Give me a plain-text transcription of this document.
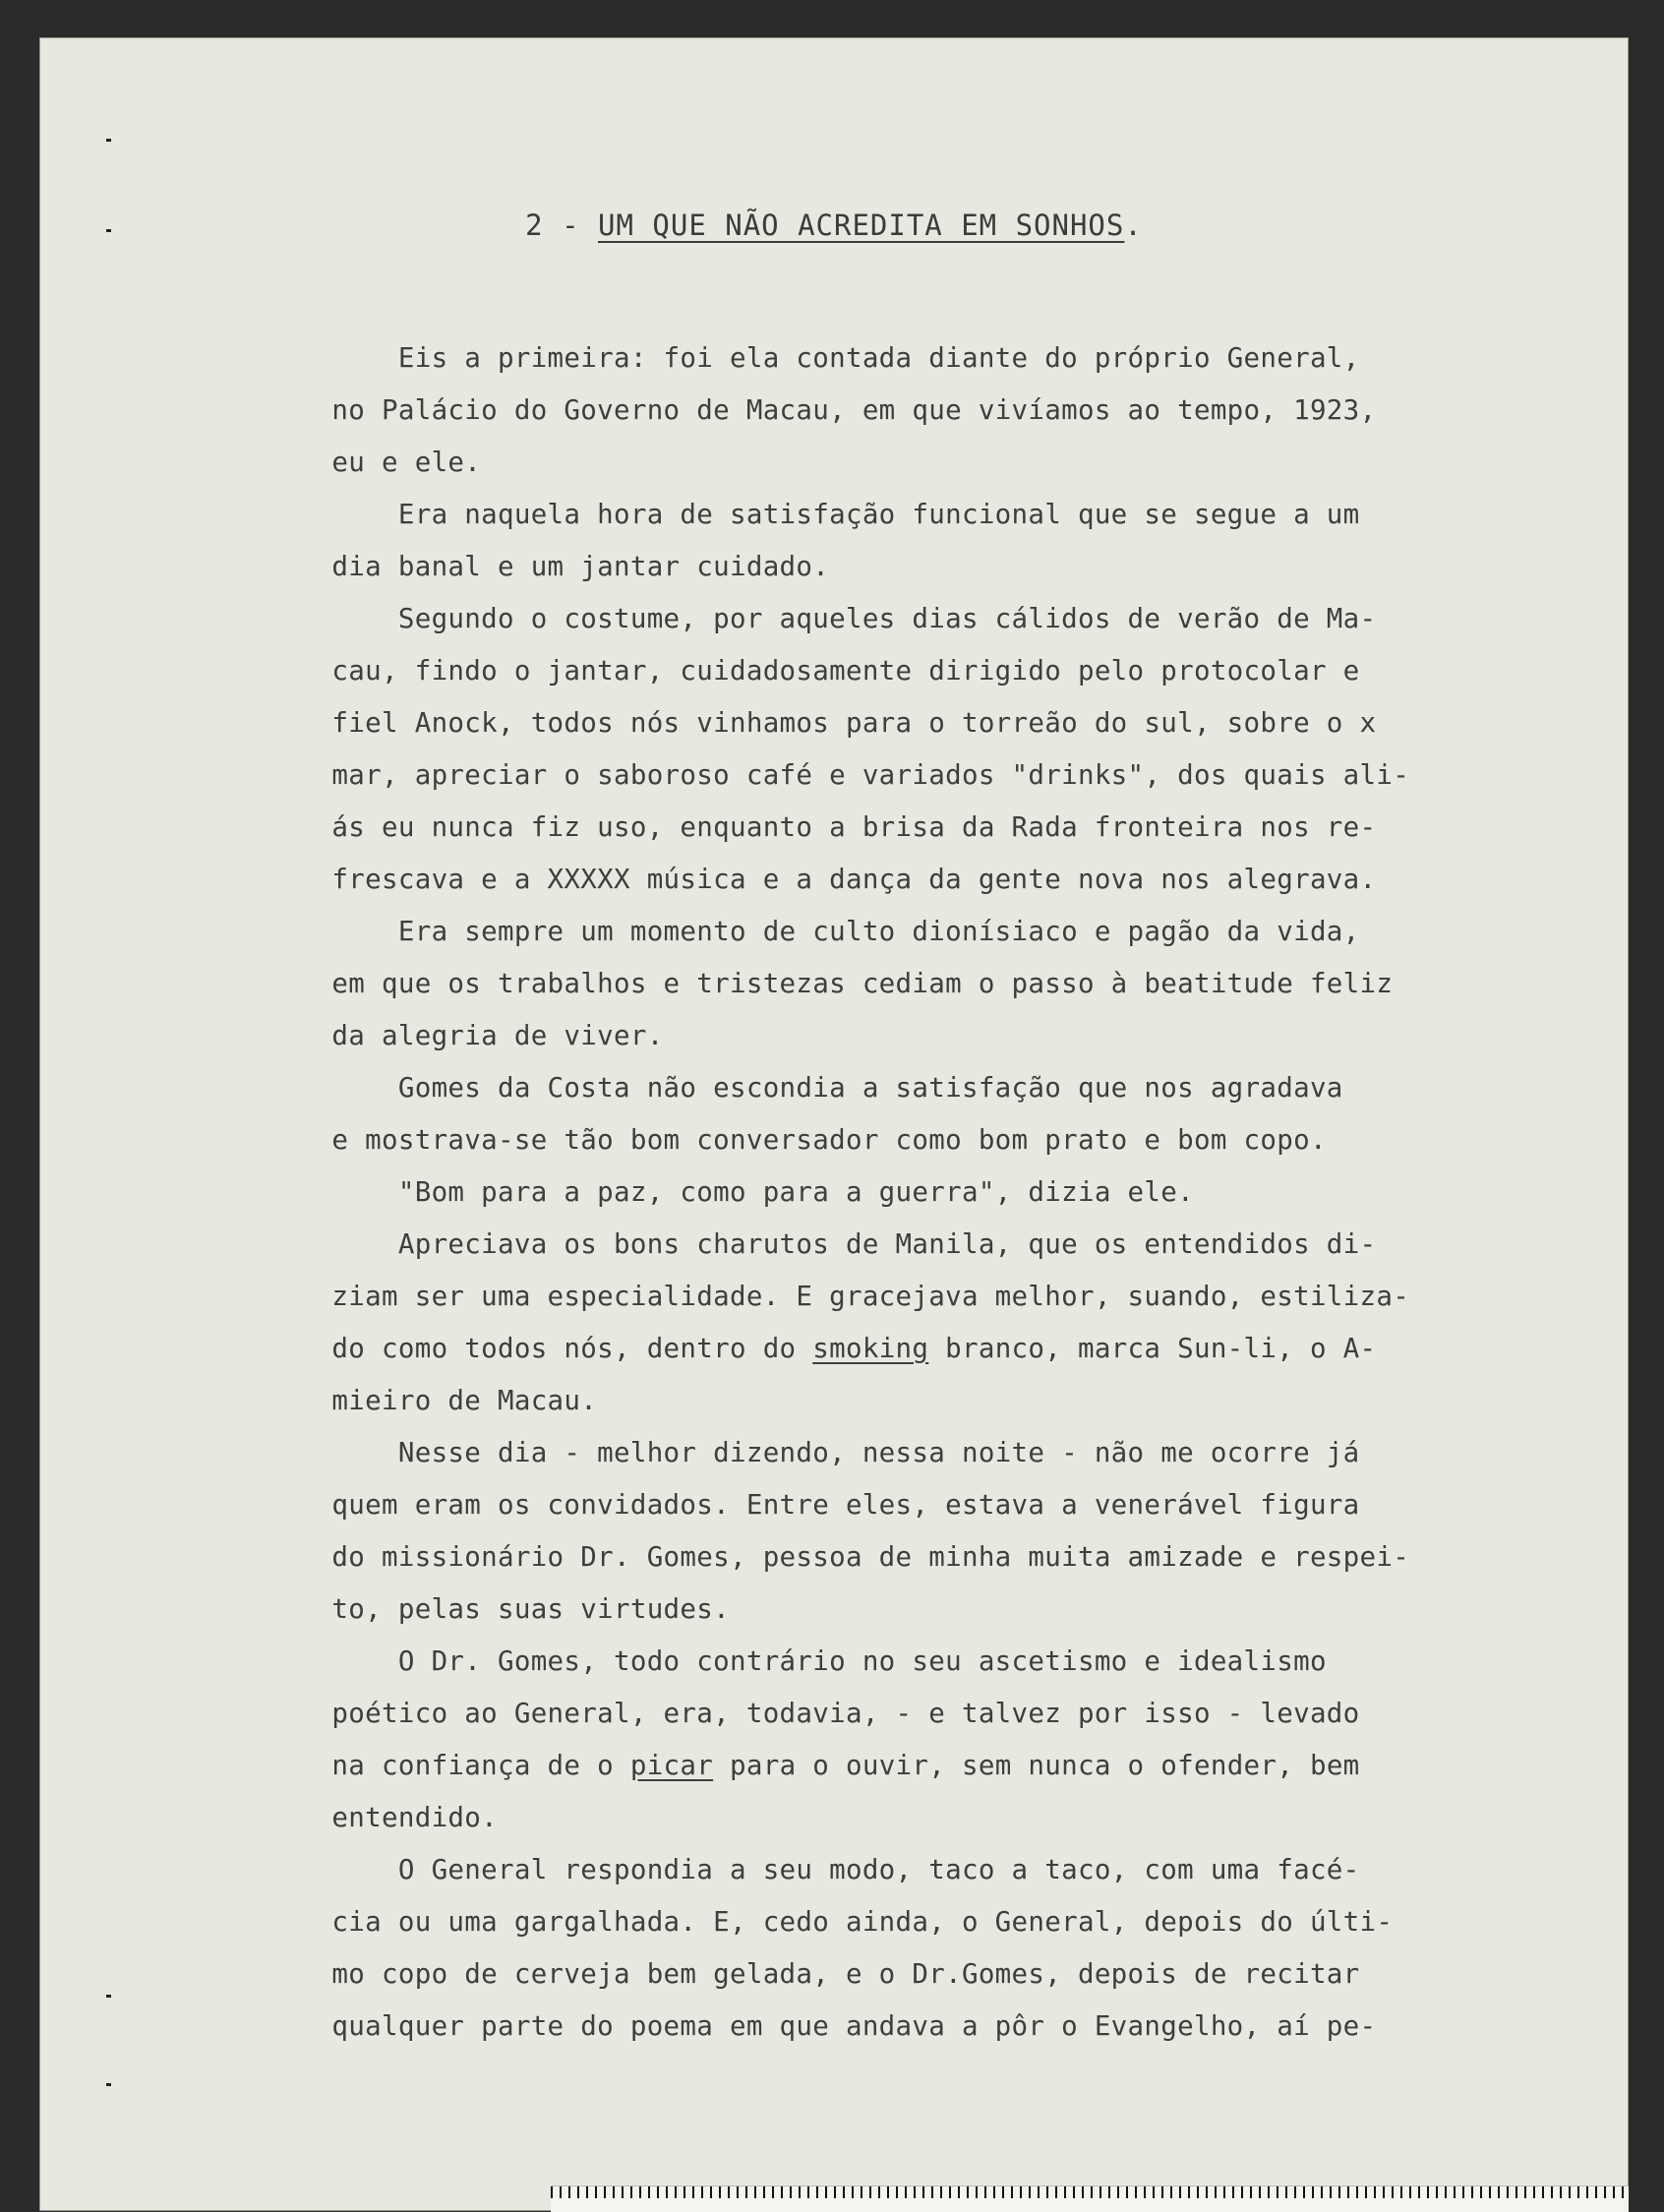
2 - UM QUE NÃO ACREDITA EM SONHOS.
Eis a primeira: foi ela contada diante do próprio General,
no Palácio do Governo de Macau, em que vivíamos ao tempo, 1923,
eu e ele.
Era naquela hora de satisfação funcional que se segue a um
dia banal e um jantar cuidado.
Segundo o costume, por aqueles dias cálidos de verão de Ma-
cau, findo o jantar, cuidadosamente dirigido pelo protocolar e
fiel Anock, todos nós vinhamos para o torreão do sul, sobre o x
mar, apreciar o saboroso café e variados "drinks", dos quais ali-
ás eu nunca fiz uso, enquanto a brisa da Rada fronteira nos re-
frescava e a XXXXX música e a dança da gente nova nos alegrava.
Era sempre um momento de culto dionísiaco e pagão da vida,
em que os trabalhos e tristezas cediam o passo à beatitude feliz
da alegria de viver.
Gomes da Costa não escondia a satisfação que nos agradava
e mostrava-se tão bom conversador como bom prato e bom copo.
"Bom para a paz, como para a guerra", dizia ele.
Apreciava os bons charutos de Manila, que os entendidos di-
ziam ser uma especialidade. E gracejava melhor, suando, estiliza-
do como todos nós, dentro do smoking branco, marca Sun-li, o A-
mieiro de Macau.
Nesse dia - melhor dizendo, nessa noite - não me ocorre já
quem eram os convidados. Entre eles, estava a venerável figura
do missionário Dr. Gomes, pessoa de minha muita amizade e respei-
to, pelas suas virtudes.
O Dr. Gomes, todo contrário no seu ascetismo e idealismo
poético ao General, era, todavia, - e talvez por isso - levado
na confiança de o picar para o ouvir, sem nunca o ofender, bem
entendido.
O General respondia a seu modo, taco a taco, com uma facé-
cia ou uma gargalhada. E, cedo ainda, o General, depois do últi-
mo copo de cerveja bem gelada, e o Dr.Gomes, depois de recitar
qualquer parte do poema em que andava a pôr o Evangelho, aí pe-
